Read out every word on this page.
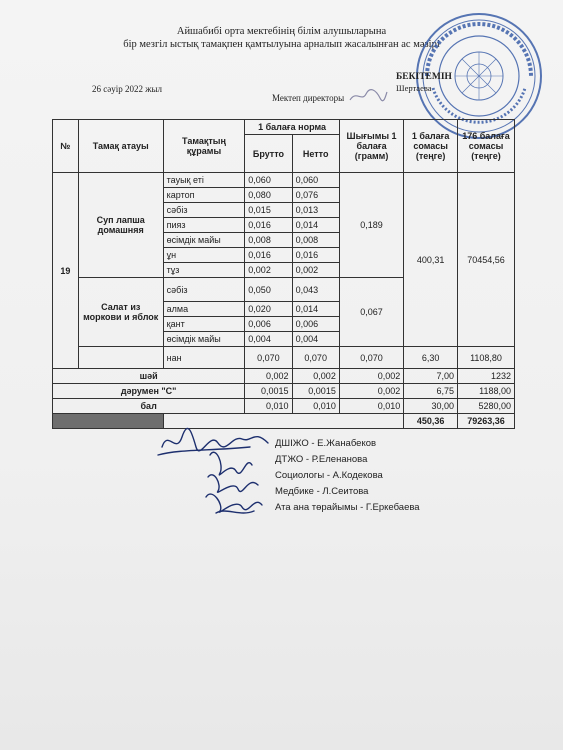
Айшабибі орта мектебінің білім алушыларына
бір мезгіл ыстық тамақпен қамтылуына арналып жасалынған ас мәзірі
БЕКІТЕМІН
Шертаева
26 сәуір 2022 жыл
Мектеп директоры
№	Тамақ атауы	Тамақтың құрамы	1 балаға норма		Шығымы 1 балаға (грамм)	1 балаға сомасы (теңге)	176 балаға сомасы (теңге)
			Брутто	Нетто			
19	Суп лапша домашняя	тауық еті	0,060	0,060	0,189	400,31	70454,56
		картоп	0,080	0,076			
		сәбіз	0,015	0,013			
		пияз	0,016	0,014			
		өсімдік майы	0,008	0,008			
		ұн	0,016	0,016			
		тұз	0,002	0,002			
	Салат из моркови и яблок	сәбіз	0,050	0,043	0,067		
		алма	0,020	0,014			
		қант	0,006	0,006			
		өсімдік майы	0,004	0,004			
		нан	0,070	0,070	0,070	6,30	1108,80
шәй			0,002	0,002	0,002	7,00	1232
дәрумен "С"			0,0015	0,0015	0,002	6,75	1188,00
бал			0,010	0,010	0,010	30,00	5280,00
						450,36	79263,36
ДШІЖО - Е.Жанабеков
ДТЖО - Р.Еленанова
Социологы - А.Кодекова
Медбике - Л.Сеитова
Ата ана төрайымы - Г.Еркебаева
